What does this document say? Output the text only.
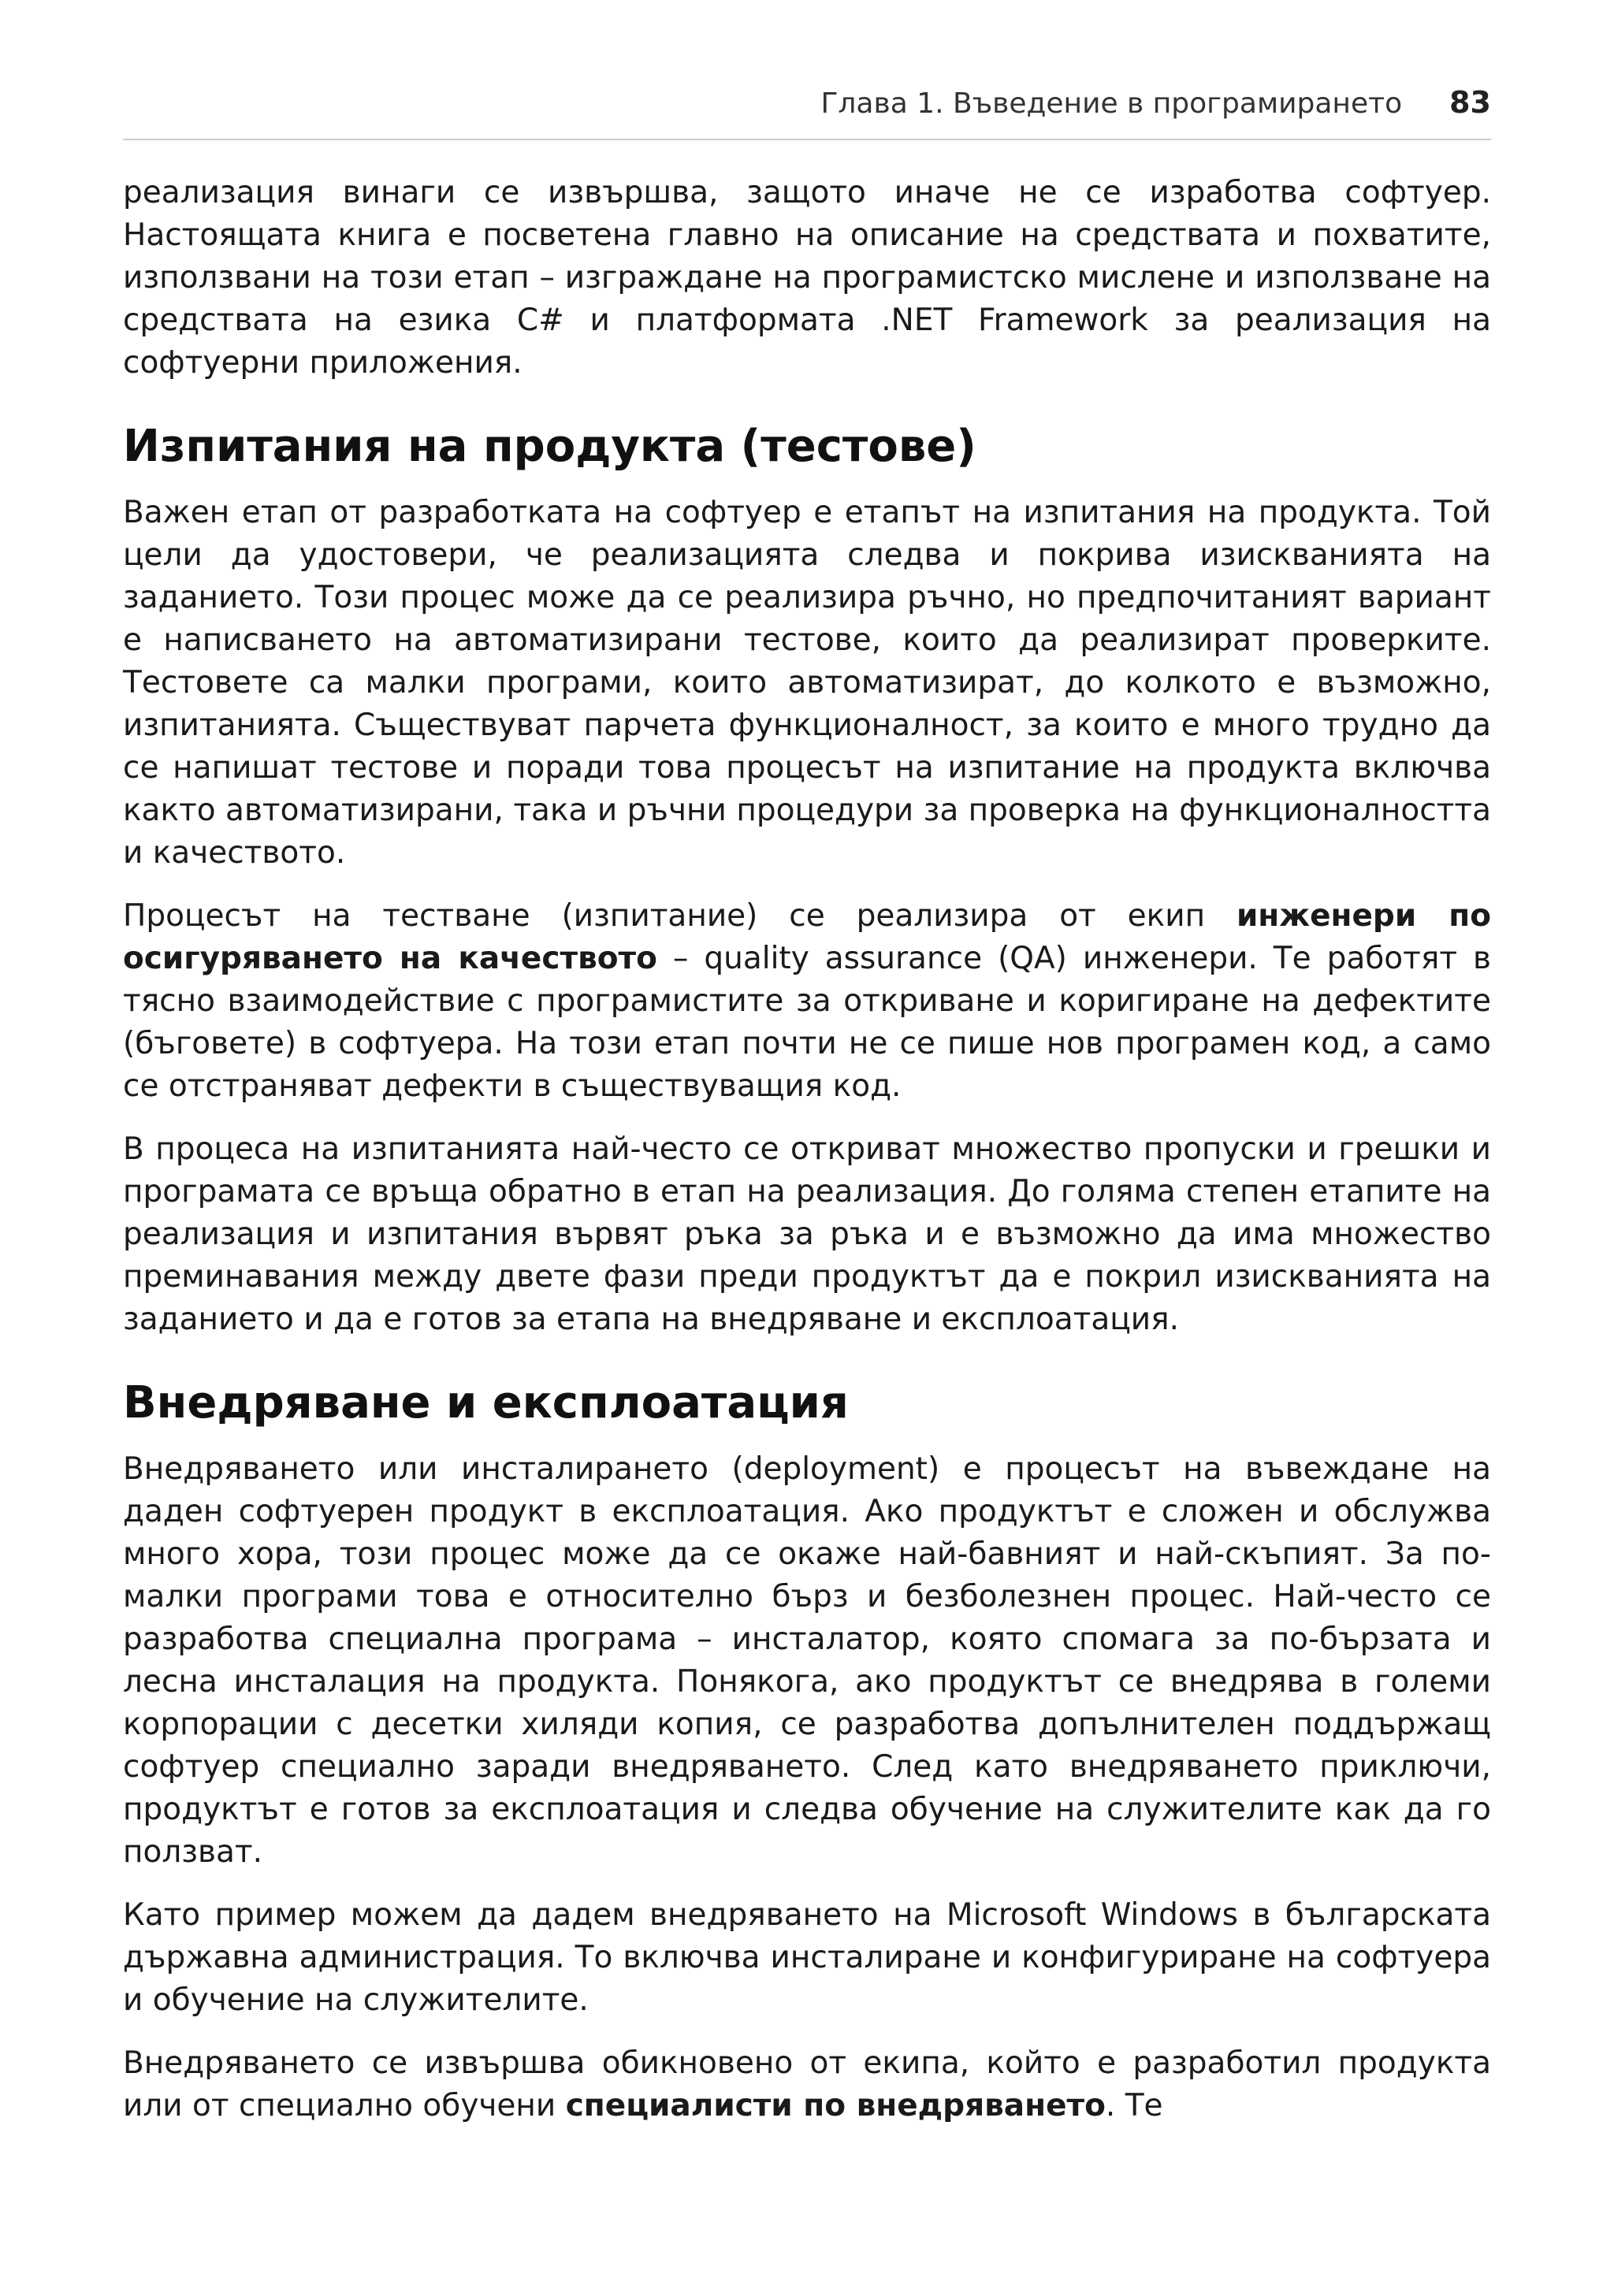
Глава 1. Въведение в програмирането 83

реализация винаги се извършва, защото иначе не се изработва софтуер. Настоящата книга е посветена главно на описание на средствата и похватите, използвани на този етап – изграждане на програмистско мислене и използване на средствата на езика C# и платформата .NET Framework за реализация на софтуерни приложения.

Изпитания на продукта (тестове)

Важен етап от разработката на софтуер е етапът на изпитания на продукта. Той цели да удостовери, че реализацията следва и покрива изискванията на заданието. Този процес може да се реализира ръчно, но предпочитаният вариант е написването на автоматизирани тестове, които да реализират проверките. Тестовете са малки програми, които автоматизират, до колкото е възможно, изпитанията. Съществуват парчета функционалност, за които е много трудно да се напишат тестове и поради това процесът на изпитание на продукта включва както автоматизирани, така и ръчни процедури за проверка на функционалността и качеството.

Процесът на тестване (изпитание) се реализира от екип инженери по осигуряването на качеството – quality assurance (QA) инженери. Те работят в тясно взаимодействие с програмистите за откриване и коригиране на дефектите (бъговете) в софтуера. На този етап почти не се пише нов програмен код, а само се отстраняват дефекти в съществуващия код.

В процеса на изпитанията най-често се откриват множество пропуски и грешки и програмата се връща обратно в етап на реализация. До голяма степен етапите на реализация и изпитания вървят ръка за ръка и е възможно да има множество преминавания между двете фази преди продуктът да е покрил изискванията на заданието и да е готов за етапа на внедряване и експлоатация.

Внедряване и експлоатация

Внедряването или инсталирането (deployment) е процесът на въвеждане на даден софтуерен продукт в експлоатация. Ако продуктът е сложен и обслужва много хора, този процес може да се окаже най-бавният и най-скъпият. За по-малки програми това е относително бърз и безболезнен процес. Най-често се разработва специална програма – инсталатор, която спомага за по-бързата и лесна инсталация на продукта. Понякога, ако продуктът се внедрява в големи корпорации с десетки хиляди копия, се разработва допълнителен поддържащ софтуер специално заради внедряването. След като внедряването приключи, продуктът е готов за експлоатация и следва обучение на служителите как да го ползват.

Като пример можем да дадем внедряването на Microsoft Windows в българската държавна администрация. То включва инсталиране и конфигуриране на софтуера и обучение на служителите.

Внедряването се извършва обикновено от екипа, който е разработил продукта или от специално обучени специалисти по внедряването. Те
